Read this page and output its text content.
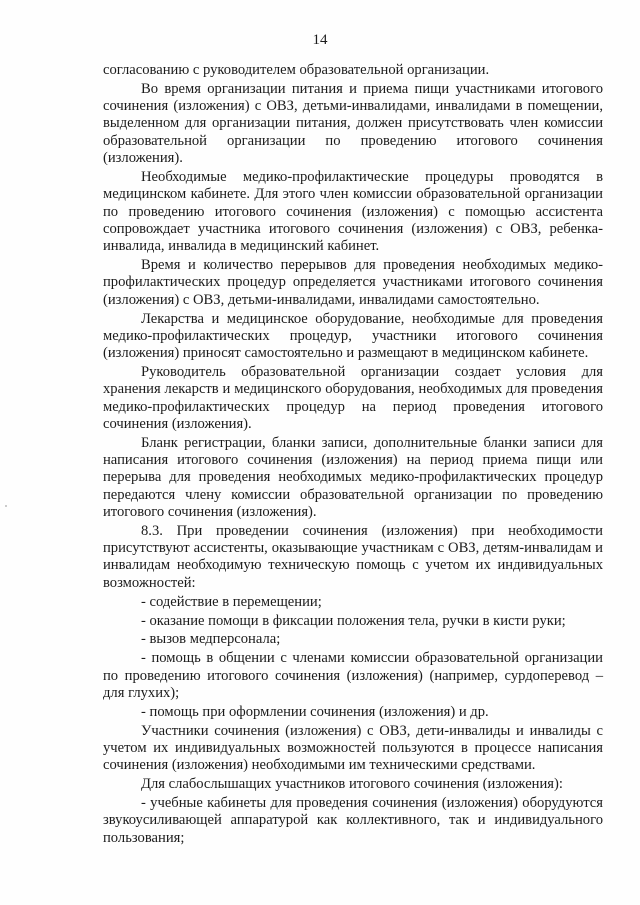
14

согласованию с руководителем образовательной организации.

Во время организации питания и приема пищи участниками итогового сочинения (изложения) с ОВЗ, детьми-инвалидами, инвалидами в помещении, выделенном для организации питания, должен присутствовать член комиссии образовательной организации по проведению итогового сочинения (изложения).

Необходимые медико-профилактические процедуры проводятся в медицинском кабинете. Для этого член комиссии образовательной организации по проведению итогового сочинения (изложения) с помощью ассистента сопровождает участника итогового сочинения (изложения) с ОВЗ, ребенка-инвалида, инвалида в медицинский кабинет.

Время и количество перерывов для проведения необходимых медико-профилактических процедур определяется участниками итогового сочинения (изложения) с ОВЗ, детьми-инвалидами, инвалидами самостоятельно.

Лекарства и медицинское оборудование, необходимые для проведения медико-профилактических процедур, участники итогового сочинения (изложения) приносят самостоятельно и размещают в медицинском кабинете.

Руководитель образовательной организации создает условия для хранения лекарств и медицинского оборудования, необходимых для проведения медико-профилактических процедур на период проведения итогового сочинения (изложения).

Бланк регистрации, бланки записи, дополнительные бланки записи для написания итогового сочинения (изложения) на период приема пищи или перерыва для проведения необходимых медико-профилактических процедур передаются члену комиссии образовательной организации по проведению итогового сочинения (изложения).

8.3. При проведении сочинения (изложения) при необходимости присутствуют ассистенты, оказывающие участникам с ОВЗ, детям-инвалидам и инвалидам необходимую техническую помощь с учетом их индивидуальных возможностей:

- содействие в перемещении;

- оказание помощи в фиксации положения тела, ручки в кисти руки;

- вызов медперсонала;

- помощь в общении с членами комиссии образовательной организации по проведению итогового сочинения (изложения) (например, сурдоперевод – для глухих);

- помощь при оформлении сочинения (изложения) и др.

Участники сочинения (изложения) с ОВЗ, дети-инвалиды и инвалиды с учетом их индивидуальных возможностей пользуются в процессе написания сочинения (изложения) необходимыми им техническими средствами.

Для слабослышащих участников итогового сочинения (изложения):

- учебные кабинеты для проведения сочинения (изложения) оборудуются звукоусиливающей аппаратурой как коллективного, так и индивидуального пользования;
